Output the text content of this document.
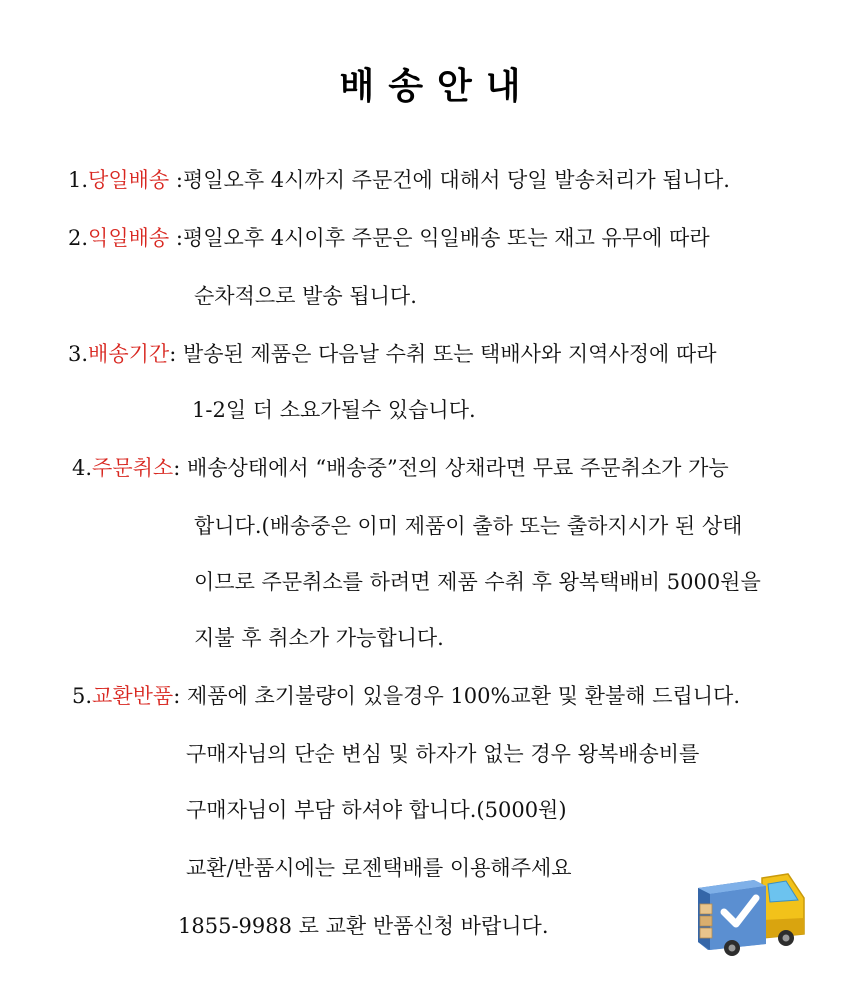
배송안내
1.당일배송 :평일오후 4시까지 주문건에 대해서 당일 발송처리가 됩니다.
2.익일배송 :평일오후 4시이후 주문은 익일배송 또는 재고 유무에 따라
순차적으로 발송 됩니다.
3.배송기간: 발송된 제품은 다음날 수취 또는 택배사와 지역사정에 따라
1-2일 더 소요가될수 있습니다.
4.주문취소: 배송상태에서 “배송중”전의 상채라면 무료 주문취소가 가능
합니다.(배송중은 이미 제품이 출하 또는 출하지시가 된 상태
이므로 주문취소를 하려면 제품 수취 후 왕복택배비 5000원을
지불 후 취소가 가능합니다.
5.교환반품: 제품에 초기불량이 있을경우 100%교환 및 환불해 드립니다.
구매자님의 단순 변심 및 하자가 없는 경우 왕복배송비를
구매자님이 부담 하셔야 합니다.(5000원)
교환/반품시에는 로젠택배를 이용해주세요
1855-9988 로 교환 반품신청 바랍니다.
